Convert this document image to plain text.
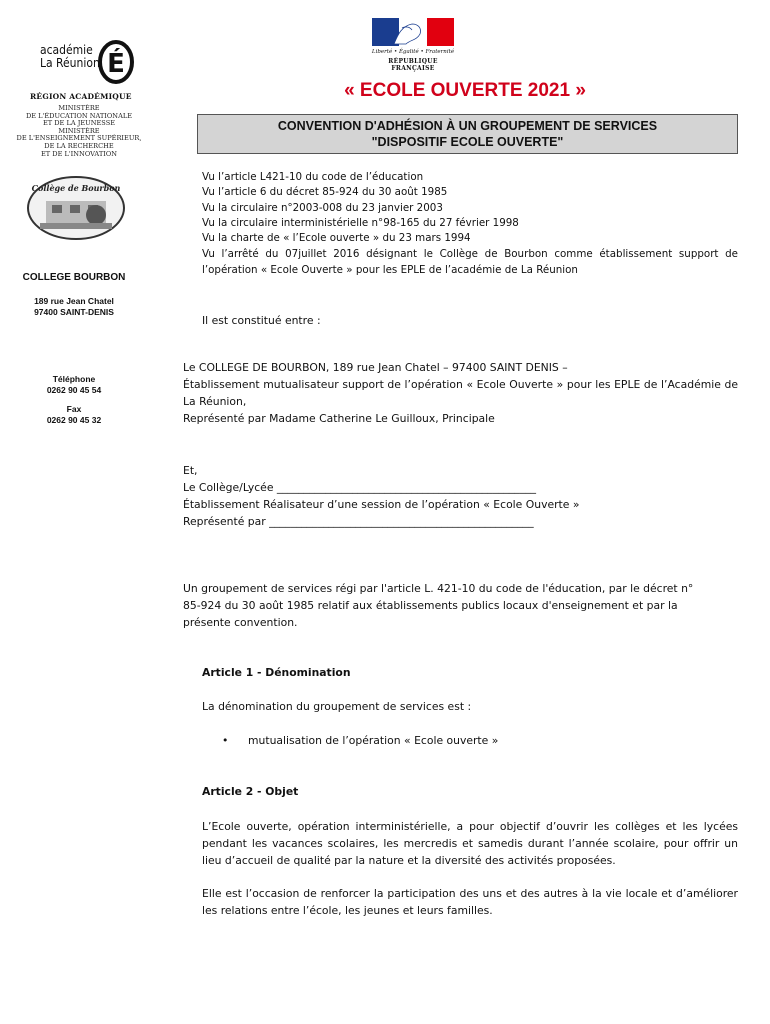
académie
La Réunion É
RÉGION ACADÉMIQUE
MINISTÈRE
DE L'ÉDUCATION NATIONALE
ET DE LA JEUNESSE
MINISTÈRE
DE L'ENSEIGNEMENT SUPÉRIEUR,
DE LA RECHERCHE
ET DE L'INNOVATION
Collège de Bourbon
COLLEGE BOURBON
189 rue Jean Chatel
97400 SAINT-DENIS
Téléphone
0262 90 45 54
Fax
0262 90 45 32
Liberté • Égalité • Fraternité
RÉPUBLIQUE FRANÇAISE
« ECOLE OUVERTE 2021 »
CONVENTION D'ADHÉSION À UN GROUPEMENT DE SERVICES
"DISPOSITIF ECOLE OUVERTE"
Vu l’article L421-10 du code de l’éducation
Vu l’article 6 du décret 85-924 du 30 août 1985
Vu la circulaire n°2003-008 du 23 janvier 2003
Vu la circulaire interministérielle n°98-165 du 27 février 1998
Vu la charte de « l’Ecole ouverte » du 23 mars 1994
Vu l’arrêté du 07juillet 2016 désignant le Collège de Bourbon comme établissement support de l’opération « Ecole Ouverte » pour les EPLE de l’académie de La Réunion
Il est constitué entre :
Le COLLEGE DE BOURBON, 189 rue Jean Chatel – 97400 SAINT DENIS –
Établissement mutualisateur support de l’opération « Ecole Ouverte » pour les EPLE de l’Académie de La Réunion,
Représenté par Madame Catherine Le Guilloux, Principale
Et,
Le Collège/Lycée ________________________________________________
Établissement Réalisateur d’une session de l’opération « Ecole Ouverte »
Représenté par _________________________________________________
Un groupement de services régi par l'article L. 421-10 du code de l'éducation, par le décret n° 85-924 du 30 août 1985 relatif aux établissements publics locaux d'enseignement et par la présente convention.
Article 1 - Dénomination
La dénomination du groupement de services est :
• mutualisation de l’opération « Ecole ouverte »
Article 2 - Objet
L’Ecole ouverte, opération interministérielle, a pour objectif d’ouvrir les collèges et les lycées pendant les vacances scolaires, les mercredis et samedis durant l’année scolaire, pour offrir un lieu d’accueil de qualité par la nature et la diversité des activités proposées.
Elle est l’occasion de renforcer la participation des uns et des autres à la vie locale et d’améliorer les relations entre l’école, les jeunes et leurs familles.
